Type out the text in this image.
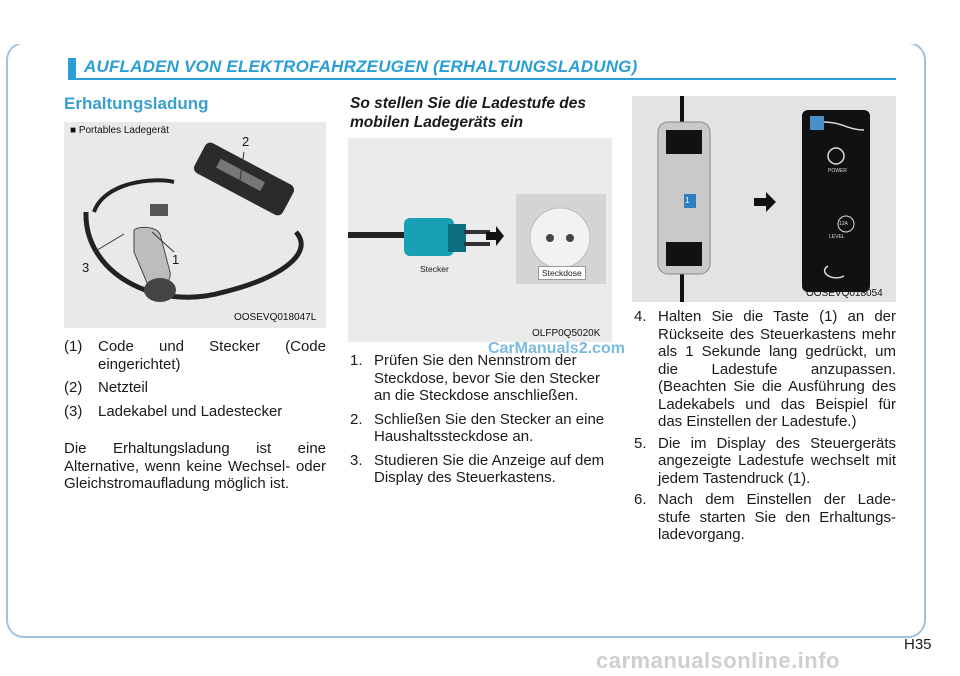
AUFLADEN VON ELEKTROFAHRZEUGEN (ERHALTUNGSLADUNG)
Erhaltungsladung
■ Portables Ladegerät
2
3
1
OOSEVQ018047L
(1) Code und Stecker (Code eingerichtet)
(2) Netzteil
(3) Ladekabel und Ladestecker
Die Erhaltungsladung ist eine Alternative, wenn keine Wechsel- oder Gleichstromaufladung möglich ist.
So stellen Sie die Ladestufe des
mobilen Ladegeräts ein
Stecker	Steckdose
OLFP0Q5020K
1. Prüfen Sie den Nennstrom der Steckdose, bevor Sie den Stecker an die Steckdose anschließen.
2. Schließen Sie den Stecker an eine Haushaltssteckdose an.
3. Studieren Sie die Anzeige auf dem Display des Steuerkastens.
CarManuals2.com
1
POWER
LEVEL
12A
OOSEVQ018054
4. Halten Sie die Taste (1) an der Rückseite des Steuerkastens mehr als 1 Sekunde lang gedrückt, um die Ladestufe anzupassen. (Beachten Sie die Ausführung des Ladekabels und das Beispiel für das Einstellen der Ladestufe.)
5. Die im Display des Steuergeräts angezeigte Ladestufe wechselt mit jedem Tastendruck (1).
6. Nach dem Einstellen der Lade-stufe starten Sie den Erhaltungs-ladevorgang.
H35
carmanualsonline.info
